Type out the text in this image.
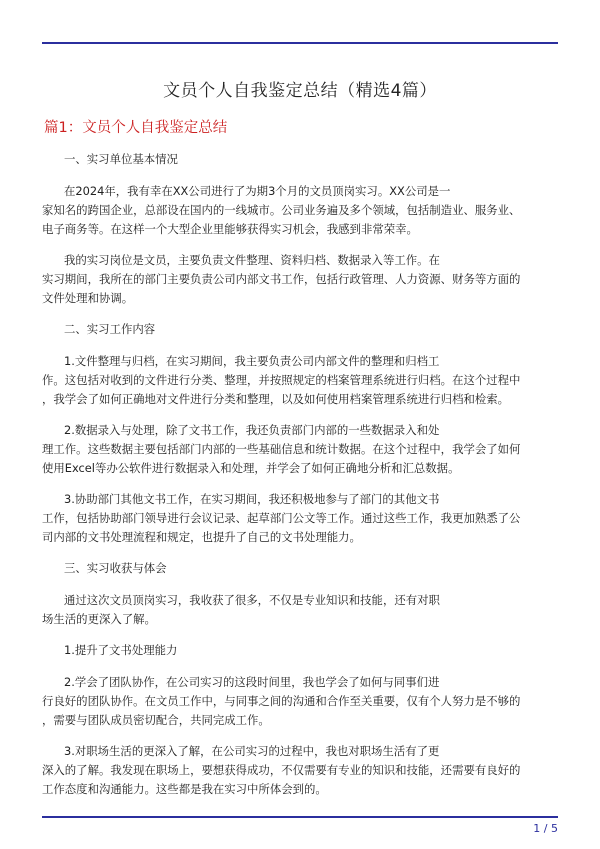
文员个人自我鉴定总结（精选4篇）
篇1：文员个人自我鉴定总结

一、实习单位基本情况

在2024年，我有幸在XX公司进行了为期3个月的文员顶岗实习。XX公司是一
家知名的跨国企业，总部设在国内的一线城市。公司业务遍及多个领域，包括制造业、服务业、
电子商务等。在这样一个大型企业里能够获得实习机会，我感到非常荣幸。

我的实习岗位是文员，主要负责文件整理、资料归档、数据录入等工作。在
实习期间，我所在的部门主要负责公司内部文书工作，包括行政管理、人力资源、财务等方面的
文件处理和协调。

二、实习工作内容

1.文件整理与归档，在实习期间，我主要负责公司内部文件的整理和归档工
作。这包括对收到的文件进行分类、整理，并按照规定的档案管理系统进行归档。在这个过程中
，我学会了如何正确地对文件进行分类和整理，以及如何使用档案管理系统进行归档和检索。

2.数据录入与处理，除了文书工作，我还负责部门内部的一些数据录入和处
理工作。这些数据主要包括部门内部的一些基础信息和统计数据。在这个过程中，我学会了如何
使用Excel等办公软件进行数据录入和处理，并学会了如何正确地分析和汇总数据。

3.协助部门其他文书工作，在实习期间，我还积极地参与了部门的其他文书
工作，包括协助部门领导进行会议记录、起草部门公文等工作。通过这些工作，我更加熟悉了公
司内部的文书处理流程和规定，也提升了自己的文书处理能力。

三、实习收获与体会

通过这次文员顶岗实习，我收获了很多，不仅是专业知识和技能，还有对职
场生活的更深入了解。

1.提升了文书处理能力

2.学会了团队协作，在公司实习的这段时间里，我也学会了如何与同事们进
行良好的团队协作。在文员工作中，与同事之间的沟通和合作至关重要，仅有个人努力是不够的
，需要与团队成员密切配合，共同完成工作。

3.对职场生活的更深入了解，在公司实习的过程中，我也对职场生活有了更
深入的了解。我发现在职场上，要想获得成功，不仅需要有专业的知识和技能，还需要有良好的
工作态度和沟通能力。这些都是我在实习中所体会到的。

1 / 5
